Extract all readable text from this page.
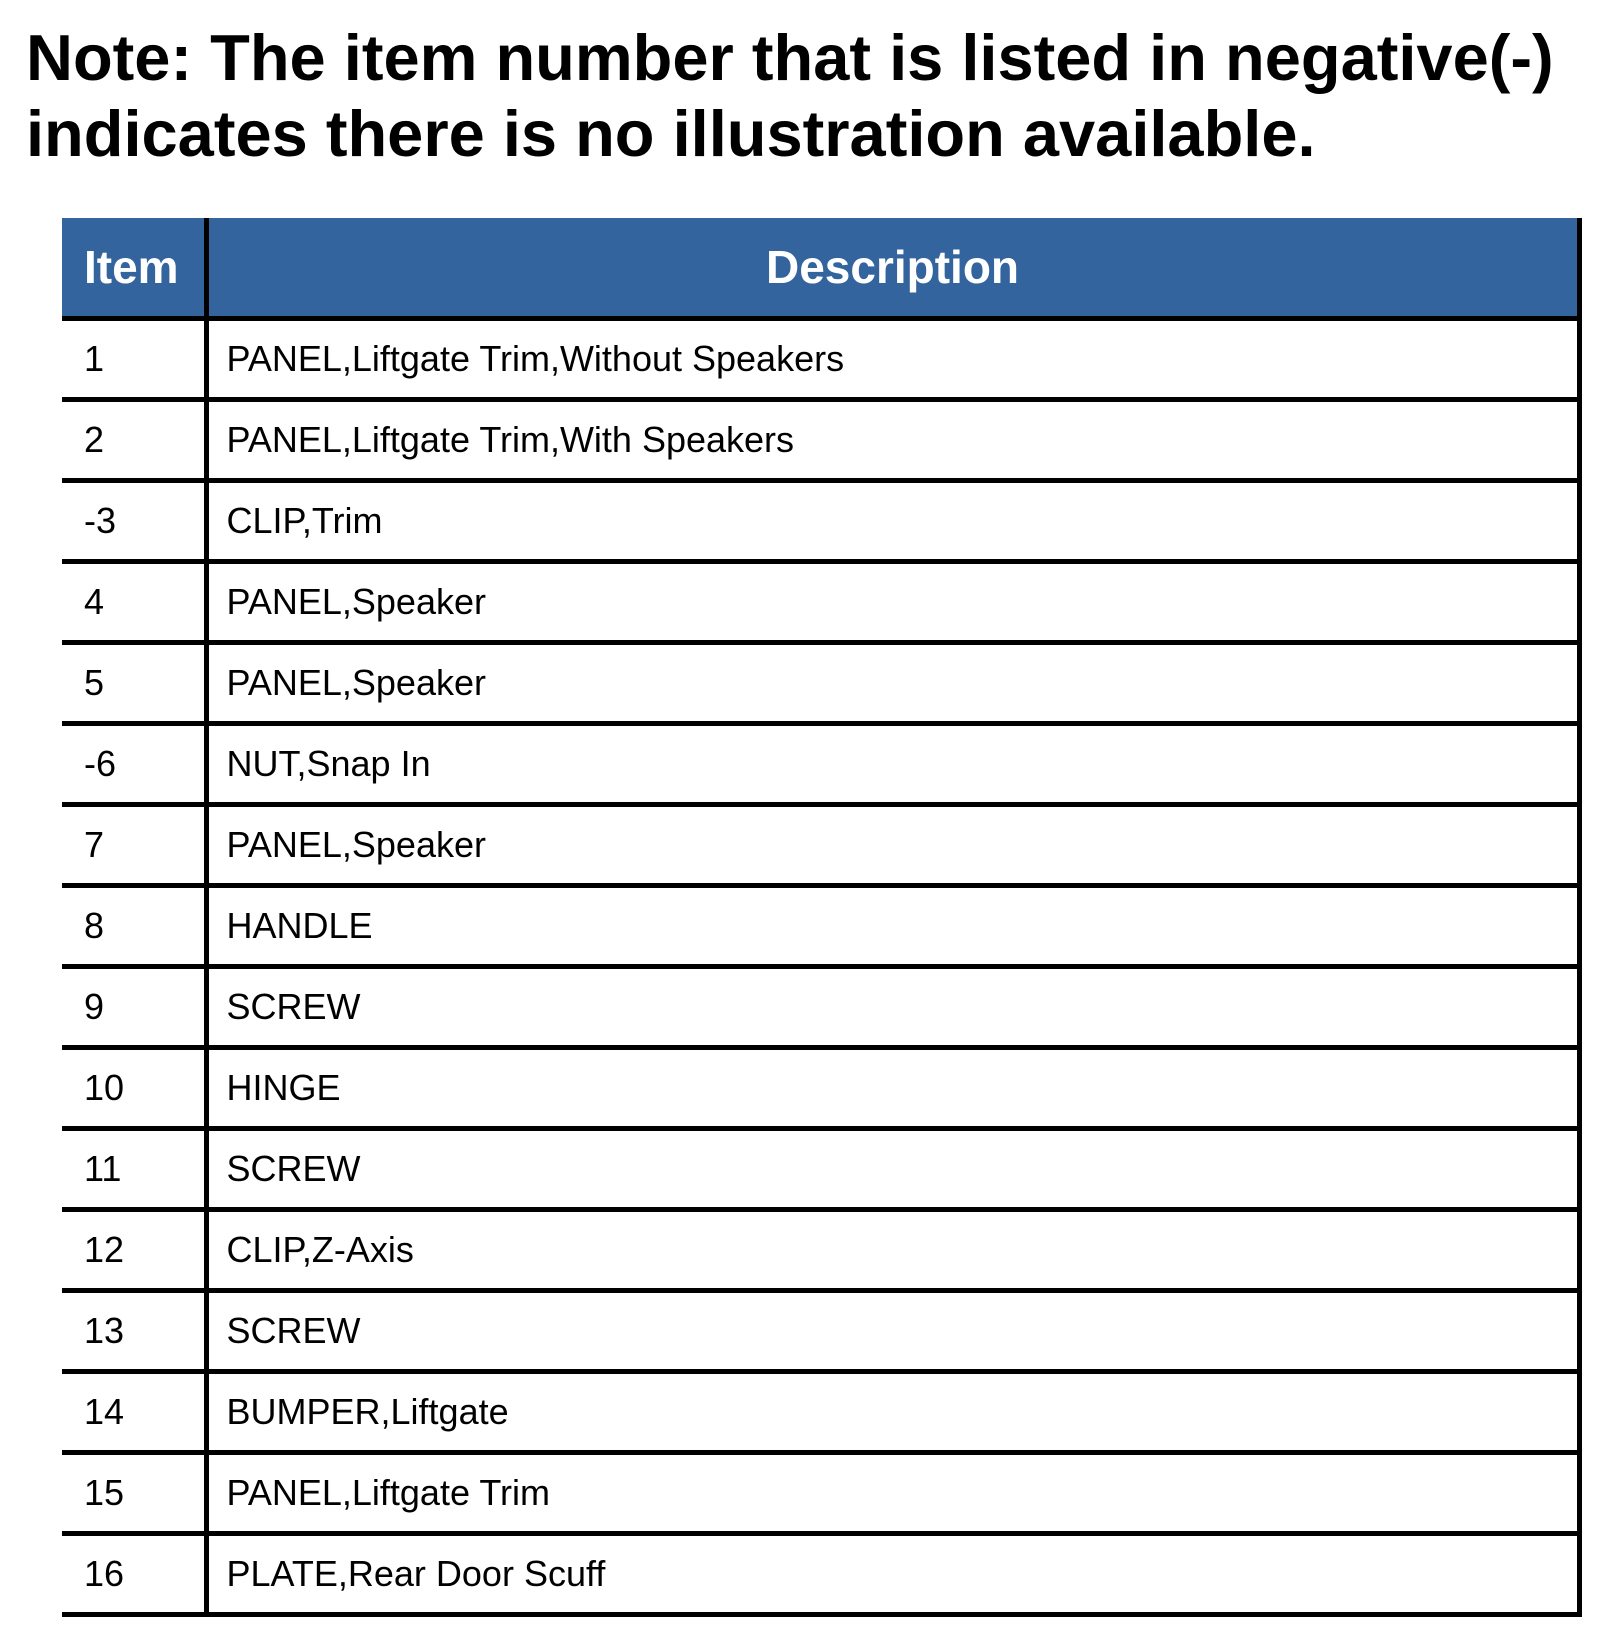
Note: The item number that is listed in negative(-)
indicates there is no illustration available.
Item	Description
1	PANEL,Liftgate Trim,Without Speakers
2	PANEL,Liftgate Trim,With Speakers
-3	CLIP,Trim
4	PANEL,Speaker
5	PANEL,Speaker
-6	NUT,Snap In
7	PANEL,Speaker
8	HANDLE
9	SCREW
10	HINGE
11	SCREW
12	CLIP,Z-Axis
13	SCREW
14	BUMPER,Liftgate
15	PANEL,Liftgate Trim
16	PLATE,Rear Door Scuff
